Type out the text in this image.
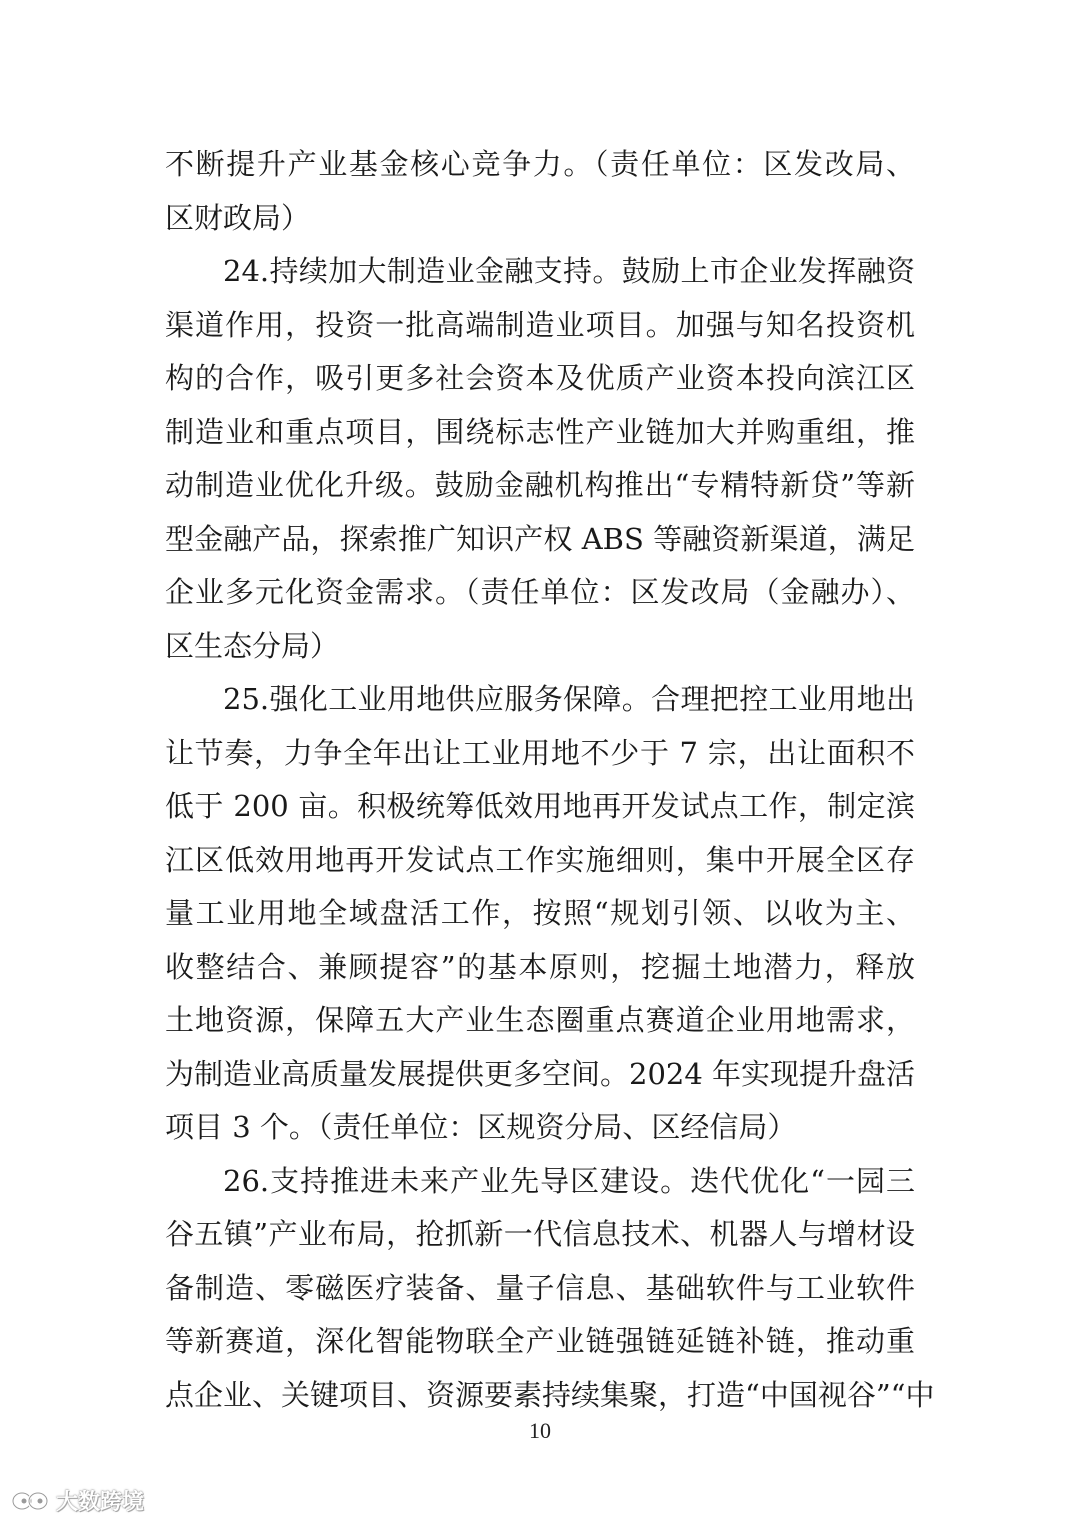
不断提升产业基金核心竞争力。（责任单位：区发改局、
区财政局）
24.持续加大制造业金融支持。鼓励上市企业发挥融资
渠道作用，投资一批高端制造业项目。加强与知名投资机
构的合作，吸引更多社会资本及优质产业资本投向滨江区
制造业和重点项目，围绕标志性产业链加大并购重组，推
动制造业优化升级。鼓励金融机构推出“专精特新贷”等新
型金融产品，探索推广知识产权 ABS 等融资新渠道，满足
企业多元化资金需求。（责任单位：区发改局（金融办）、
区生态分局）
25.强化工业用地供应服务保障。合理把控工业用地出
让节奏，力争全年出让工业用地不少于 7 宗，出让面积不
低于 200 亩。积极统筹低效用地再开发试点工作，制定滨
江区低效用地再开发试点工作实施细则，集中开展全区存
量工业用地全域盘活工作，按照“规划引领、以收为主、
收整结合、兼顾提容”的基本原则，挖掘土地潜力，释放
土地资源，保障五大产业生态圈重点赛道企业用地需求，
为制造业高质量发展提供更多空间。2024 年实现提升盘活
项目 3 个。（责任单位：区规资分局、区经信局）
26.支持推进未来产业先导区建设。迭代优化“一园三
谷五镇”产业布局，抢抓新一代信息技术、机器人与增材设
备制造、零磁医疗装备、量子信息、基础软件与工业软件
等新赛道，深化智能物联全产业链强链延链补链，推动重
点企业、关键项目、资源要素持续集聚，打造“中国视谷”“中
10
大数跨境
